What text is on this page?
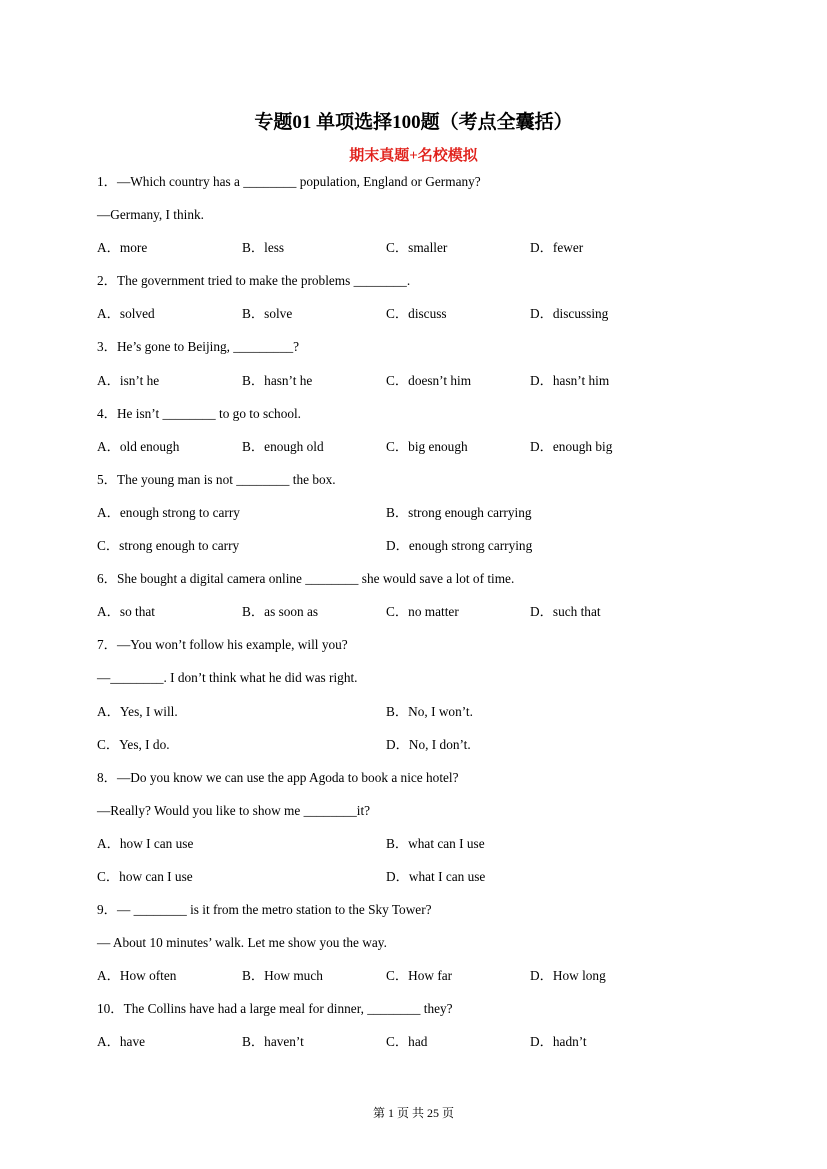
专题01 单项选择100题（考点全囊括）
期末真题+名校模拟
1．—Which country has a ________ population, England or Germany?
—Germany, I think.
A．more	B．less	C．smaller	D．fewer
2．The government tried to make the problems ________.
A．solved	B．solve	C．discuss	D．discussing
3．He’s gone to Beijing, _________?
A．isn’t he	B．hasn’t he	C．doesn’t him	D．hasn’t him
4．He isn’t ________ to go to school.
A．old enough	B．enough old	C．big enough	D．enough big
5．The young man is not ________ the box.
A．enough strong to carry	B．strong enough carrying
C．strong enough to carry	D．enough strong carrying
6．She bought a digital camera online ________ she would save a lot of time.
A．so that	B．as soon as	C．no matter	D．such that
7．—You won’t follow his example, will you?
—________. I don’t think what he did was right.
A．Yes, I will.	B．No, I won’t.
C．Yes, I do.	D．No, I don’t.
8．—Do you know we can use the app Agoda to book a nice hotel?
—Really? Would you like to show me ________it?
A．how I can use	B．what can I use
C．how can I use	D．what I can use
9．— ________ is it from the metro station to the Sky Tower?
— About 10 minutes’ walk. Let me show you the way.
A．How often	B．How much	C．How far	D．How long
10．The Collins have had a large meal for dinner, ________ they?
A．have	B．haven’t	C．had	D．hadn’t
第 1 页 共 25 页
